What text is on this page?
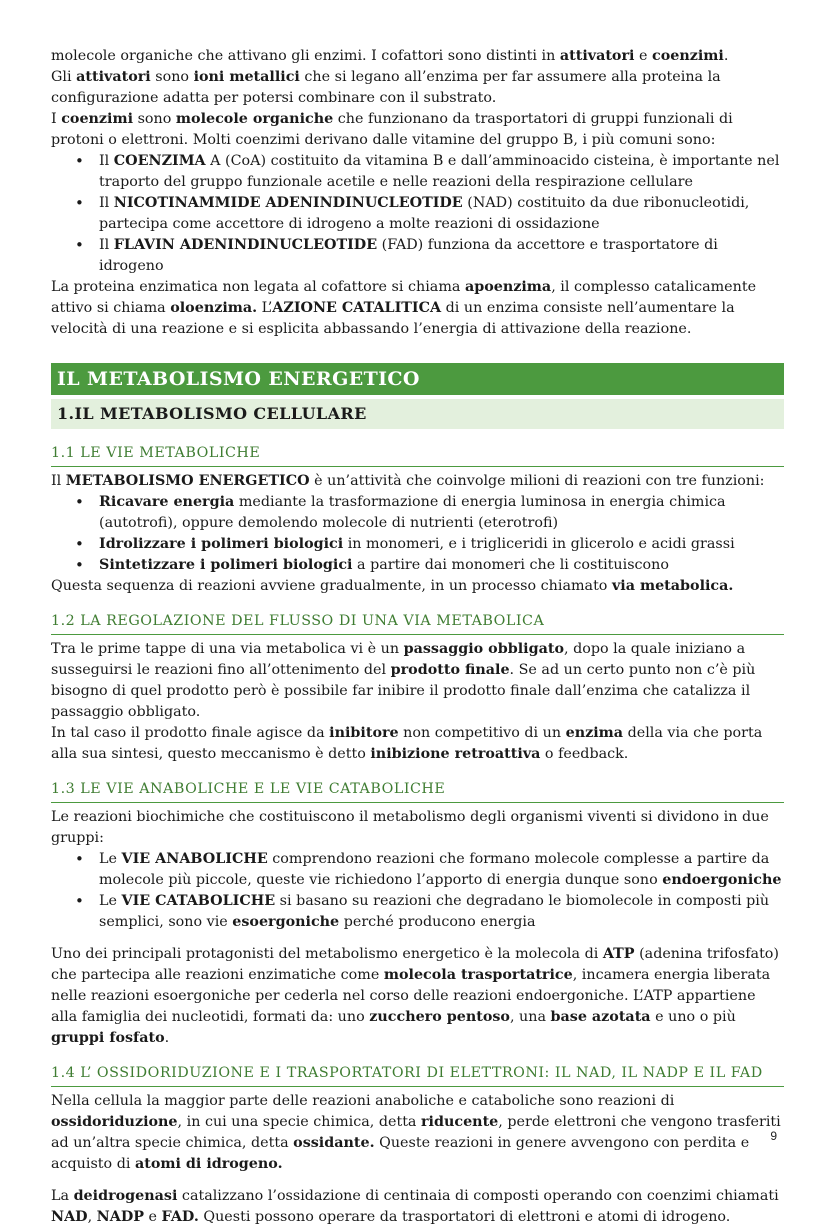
molecole organiche che attivano gli enzimi. I cofattori sono distinti in attivatori e coenzimi.

Gli attivatori sono ioni metallici che si legano all’enzima per far assumere alla proteina la configurazione adatta per potersi combinare con il substrato.

I coenzimi sono molecole organiche che funzionano da trasportatori di gruppi funzionali di protoni o elettroni. Molti coenzimi derivano dalle vitamine del gruppo B, i più comuni sono:

• Il COENZIMA A (CoA) costituito da vitamina B e dall’amminoacido cisteina, è importante nel traporto del gruppo funzionale acetile e nelle reazioni della respirazione cellulare
• Il NICOTINAMMIDE ADENINDINUCLEOTIDE (NAD) costituito da due ribonucleotidi, partecipa come accettore di idrogeno a molte reazioni di ossidazione
• Il FLAVIN ADENINDINUCLEOTIDE (FAD) funziona da accettore e trasportatore di idrogeno

La proteina enzimatica non legata al cofattore si chiama apoenzima, il complesso catalicamente attivo si chiama oloenzima. L’AZIONE CATALITICA di un enzima consiste nell’aumentare la velocità di una reazione e si esplicita abbassando l’energia di attivazione della reazione.

IL METABOLISMO ENERGETICO
1.IL METABOLISMO CELLULARE
1.1 LE VIE METABOLICHE

Il METABOLISMO ENERGETICO è un’attività che coinvolge milioni di reazioni con tre funzioni:

• Ricavare energia mediante la trasformazione di energia luminosa in energia chimica (autotrofi), oppure demolendo molecole di nutrienti (eterotrofi)
• Idrolizzare i polimeri biologici in monomeri, e i trigliceridi in glicerolo e acidi grassi
• Sintetizzare i polimeri biologici a partire dai monomeri che li costituiscono

Questa sequenza di reazioni avviene gradualmente, in un processo chiamato via metabolica.

1.2 LA REGOLAZIONE DEL FLUSSO DI UNA VIA METABOLICA

Tra le prime tappe di una via metabolica vi è un passaggio obbligato, dopo la quale iniziano a susseguirsi le reazioni fino all’ottenimento del prodotto finale. Se ad un certo punto non c’è più bisogno di quel prodotto però è possibile far inibire il prodotto finale dall’enzima che catalizza il passaggio obbligato.

In tal caso il prodotto finale agisce da inibitore non competitivo di un enzima della via che porta alla sua sintesi, questo meccanismo è detto inibizione retroattiva o feedback.

1.3 LE VIE ANABOLICHE E LE VIE CATABOLICHE

Le reazioni biochimiche che costituiscono il metabolismo degli organismi viventi si dividono in due gruppi:

• Le VIE ANABOLICHE comprendono reazioni che formano molecole complesse a partire da molecole più piccole, queste vie richiedono l’apporto di energia dunque sono endoergoniche
• Le VIE CATABOLICHE si basano su reazioni che degradano le biomolecole in composti più semplici, sono vie esoergoniche perché producono energia

Uno dei principali protagonisti del metabolismo energetico è la molecola di ATP (adenina trifosfato) che partecipa alle reazioni enzimatiche come molecola trasportatrice, incamera energia liberata nelle reazioni esoergoniche per cederla nel corso delle reazioni endoergoniche. L’ATP appartiene alla famiglia dei nucleotidi, formati da: uno zucchero pentoso, una base azotata e uno o più gruppi fosfato.

1.4 L’ OSSIDORIDUZIONE E I TRASPORTATORI DI ELETTRONI: IL NAD, IL NADP E IL FAD

Nella cellula la maggior parte delle reazioni anaboliche e cataboliche sono reazioni di ossidoriduzione, in cui una specie chimica, detta riducente, perde elettroni che vengono trasferiti ad un’altra specie chimica, detta ossidante. Queste reazioni in genere avvengono con perdita e acquisto di atomi di idrogeno.

La deidrogenasi catalizzano l’ossidazione di centinaia di composti operando con coenzimi chiamati NAD, NADP e FAD. Questi possono operare da trasportatori di elettroni e atomi di idrogeno.

9
